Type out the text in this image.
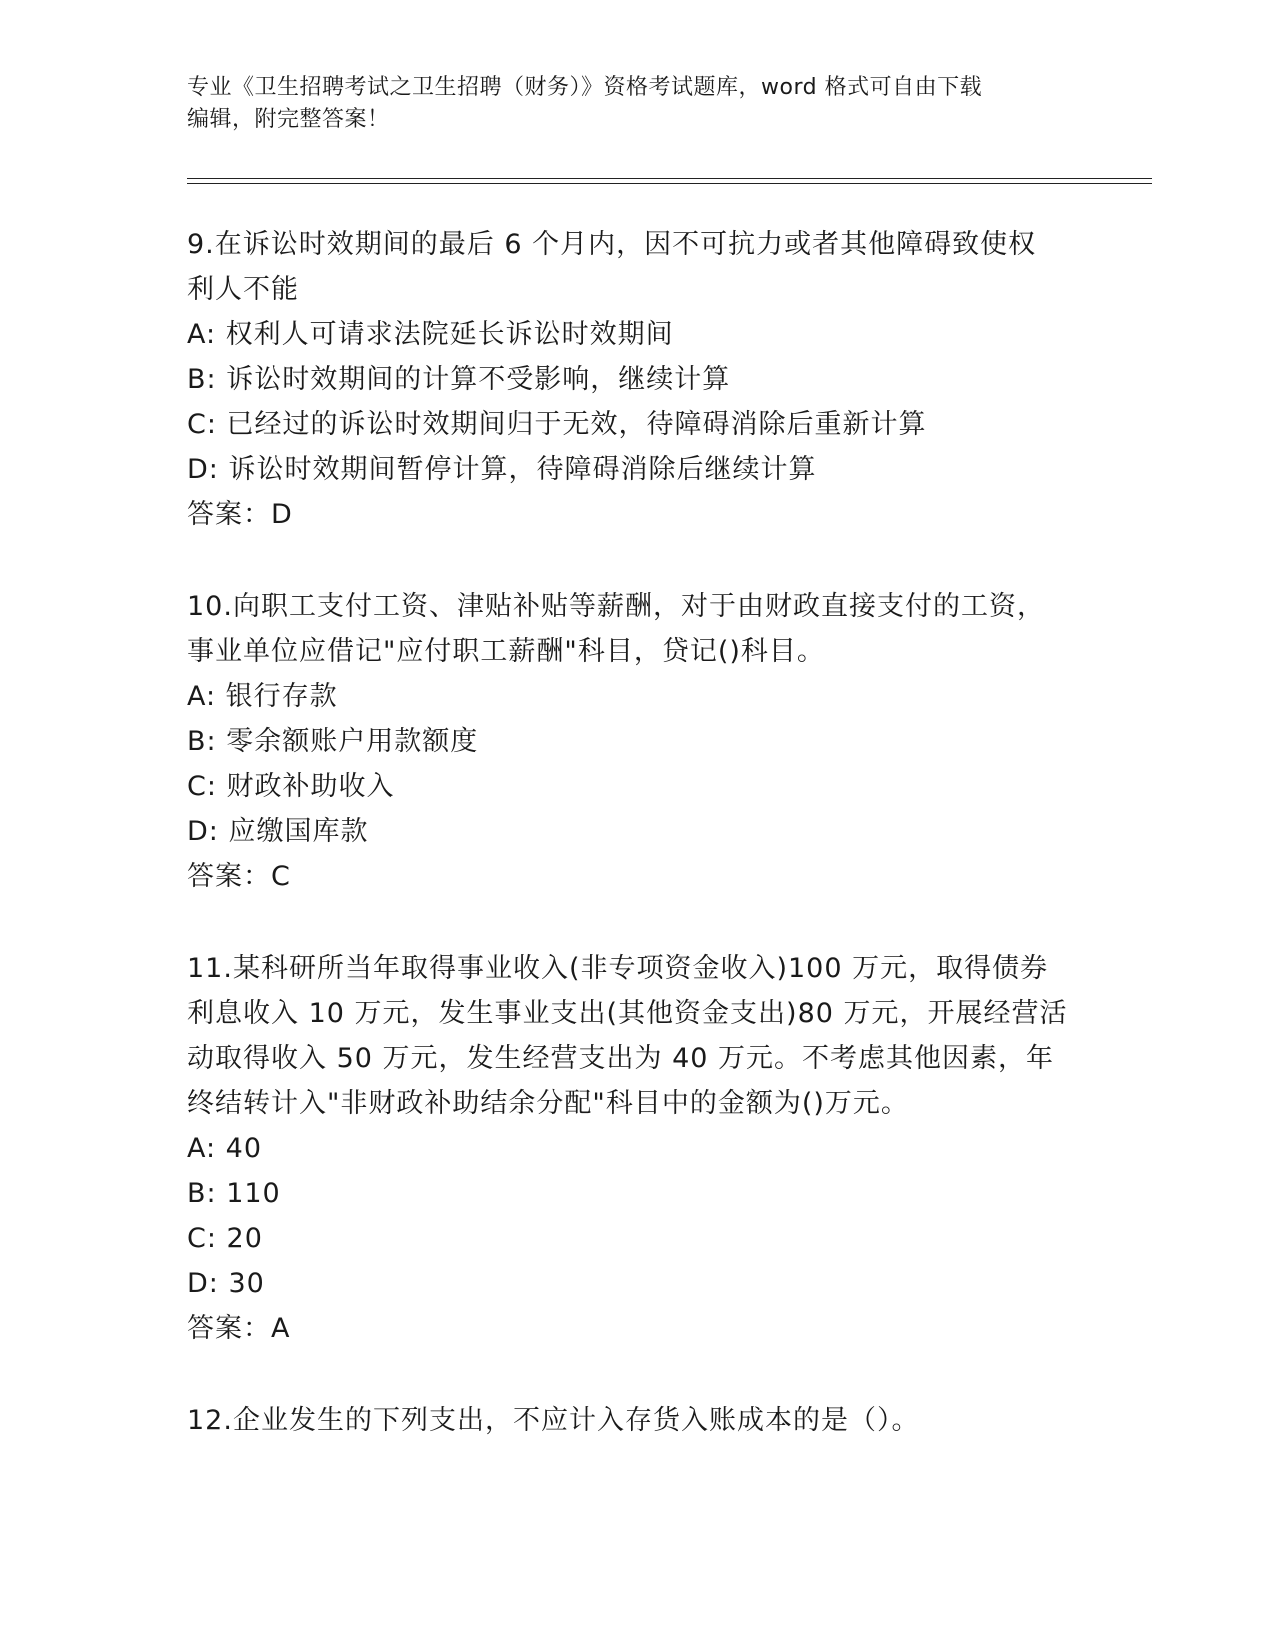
专业《卫生招聘考试之卫生招聘（财务）》资格考试题库，word 格式可自由下载
编辑，附完整答案！
9.在诉讼时效期间的最后 6 个月内，因不可抗力或者其他障碍致使权
利人不能
A: 权利人可请求法院延长诉讼时效期间
B: 诉讼时效期间的计算不受影响，继续计算
C: 已经过的诉讼时效期间归于无效，待障碍消除后重新计算
D: 诉讼时效期间暂停计算，待障碍消除后继续计算
答案：D
10.向职工支付工资、津贴补贴等薪酬，对于由财政直接支付的工资，
事业单位应借记"应付职工薪酬"科目，贷记()科目。
A: 银行存款
B: 零余额账户用款额度
C: 财政补助收入
D: 应缴国库款
答案：C
11.某科研所当年取得事业收入(非专项资金收入)100 万元，取得债券
利息收入 10 万元，发生事业支出(其他资金支出)80 万元，开展经营活
动取得收入 50 万元，发生经营支出为 40 万元。不考虑其他因素，年
终结转计入"非财政补助结余分配"科目中的金额为()万元。
A: 40
B: 110
C: 20
D: 30
答案：A
12.企业发生的下列支出，不应计入存货入账成本的是（）。
